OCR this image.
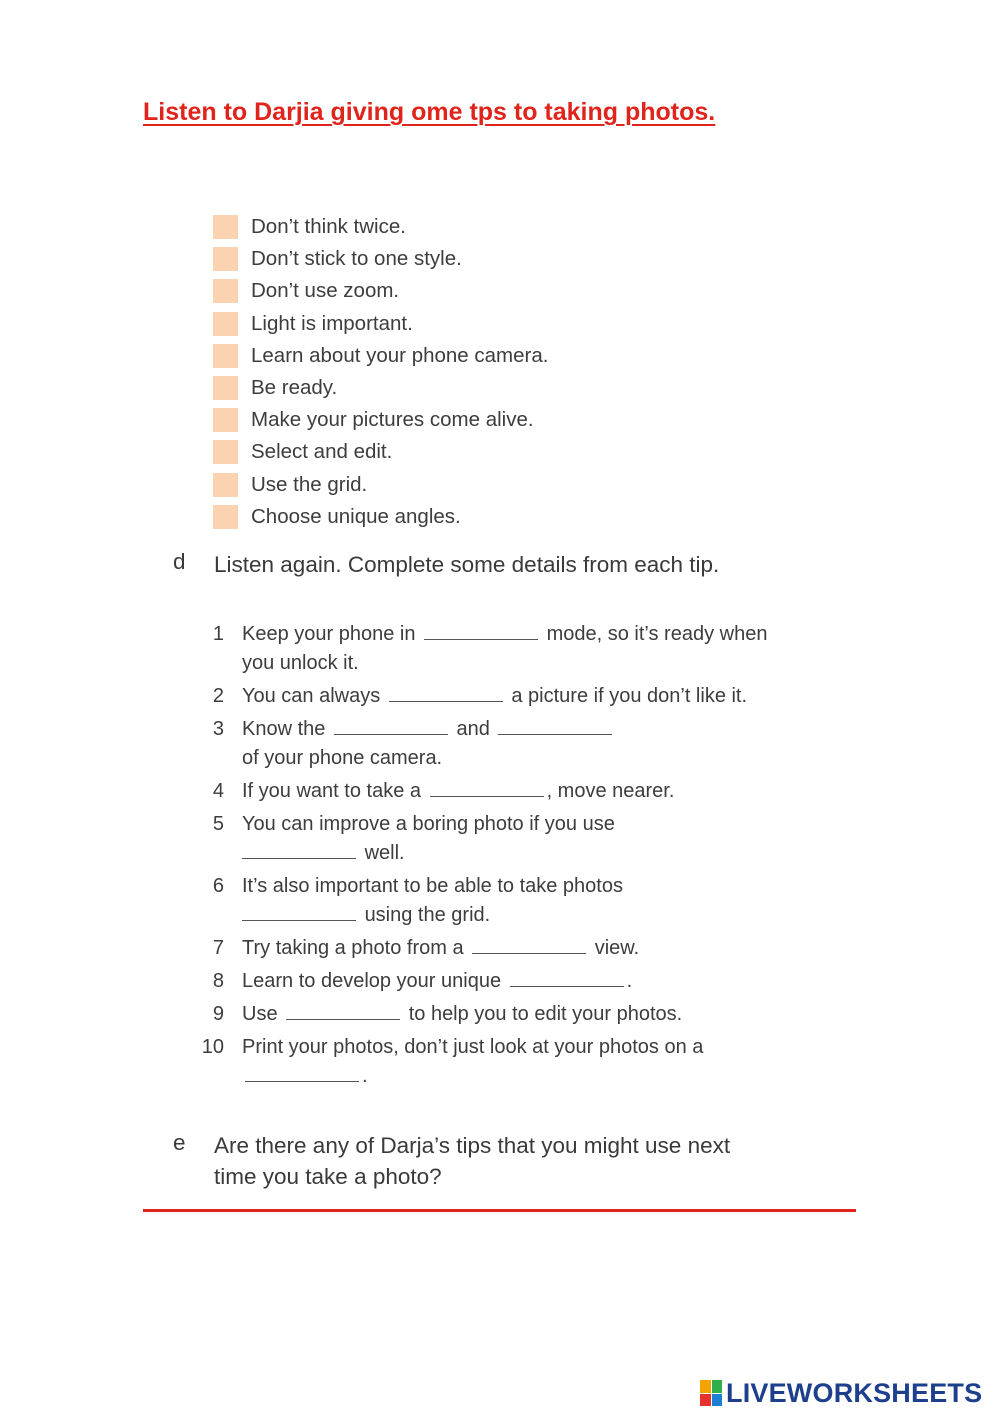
Listen to Darjia giving ome tps to taking photos.
Don’t think twice.
Don’t stick to one style.
Don’t use zoom.
Light is important.
Learn about your phone camera.
Be ready.
Make your pictures come alive.
Select and edit.
Use the grid.
Choose unique angles.
d Listen again. Complete some details from each tip.
1 Keep your phone in	mode, so it’s ready when you unlock it.
2 You can always	a picture if you don’t like it.
3 Know the	and
of your phone camera.
4 If you want to take a	, move nearer.
5 You can improve a boring photo if you use
well.
6 It’s also important to be able to take photos
using the grid.
7 Try taking a photo from a	view.
8 Learn to develop your unique	.
9 Use	to help you to edit your photos.
10 Print your photos, don’t just look at your photos on a .
e Are there any of Darja’s tips that you might use next time you take a photo?
LIVEWORKSHEETS
